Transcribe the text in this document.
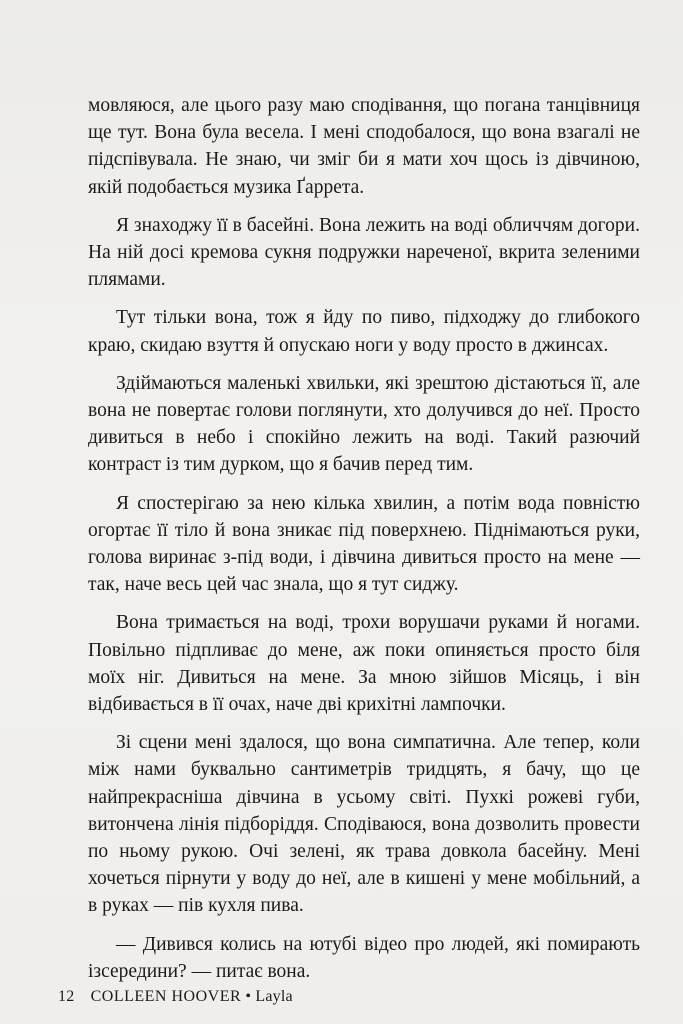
мовляюся, але цього разу маю сподівання, що погана танцівниця ще тут. Вона була весела. І мені сподобалося, що вона взагалі не підспівувала. Не знаю, чи зміг би я мати хоч щось із дівчиною, якій подобається музика Ґаррета.

Я знаходжу її в басейні. Вона лежить на воді обличчям догори. На ній досі кремова сукня подружки нареченої, вкрита зеленими плямами.

Тут тільки вона, тож я йду по пиво, підходжу до глибокого краю, скидаю взуття й опускаю ноги у воду просто в джинсах.

Здіймаються маленькі хвильки, які зрештою дістаються її, але вона не повертає голови поглянути, хто долучився до неї. Просто дивиться в небо і спокійно лежить на воді. Такий разючий контраст із тим дурком, що я бачив перед тим.

Я спостерігаю за нею кілька хвилин, а потім вода повністю огортає її тіло й вона зникає під поверхнею. Піднімаються руки, голова виринає з-під води, і дівчина дивиться просто на мене — так, наче весь цей час знала, що я тут сиджу.

Вона тримається на воді, трохи ворушачи руками й ногами. Повільно підпливає до мене, аж поки опиняється просто біля моїх ніг. Дивиться на мене. За мною зійшов Місяць, і він відбивається в її очах, наче дві крихітні лампочки.

Зі сцени мені здалося, що вона симпатична. Але тепер, коли між нами буквально сантиметрів тридцять, я бачу, що це найпрекрасніша дівчина в усьому світі. Пухкі рожеві губи, витончена лінія підборіддя. Сподіваюся, вона дозволить провести по ньому рукою. Очі зелені, як трава довкола басейну. Мені хочеться пірнути у воду до неї, але в кишені у мене мобільний, а в руках — пів кухля пива.

— Дивився колись на ютубі відео про людей, які помирають ізсередини? — питає вона.

12 COLLEEN HOOVER • Layla
